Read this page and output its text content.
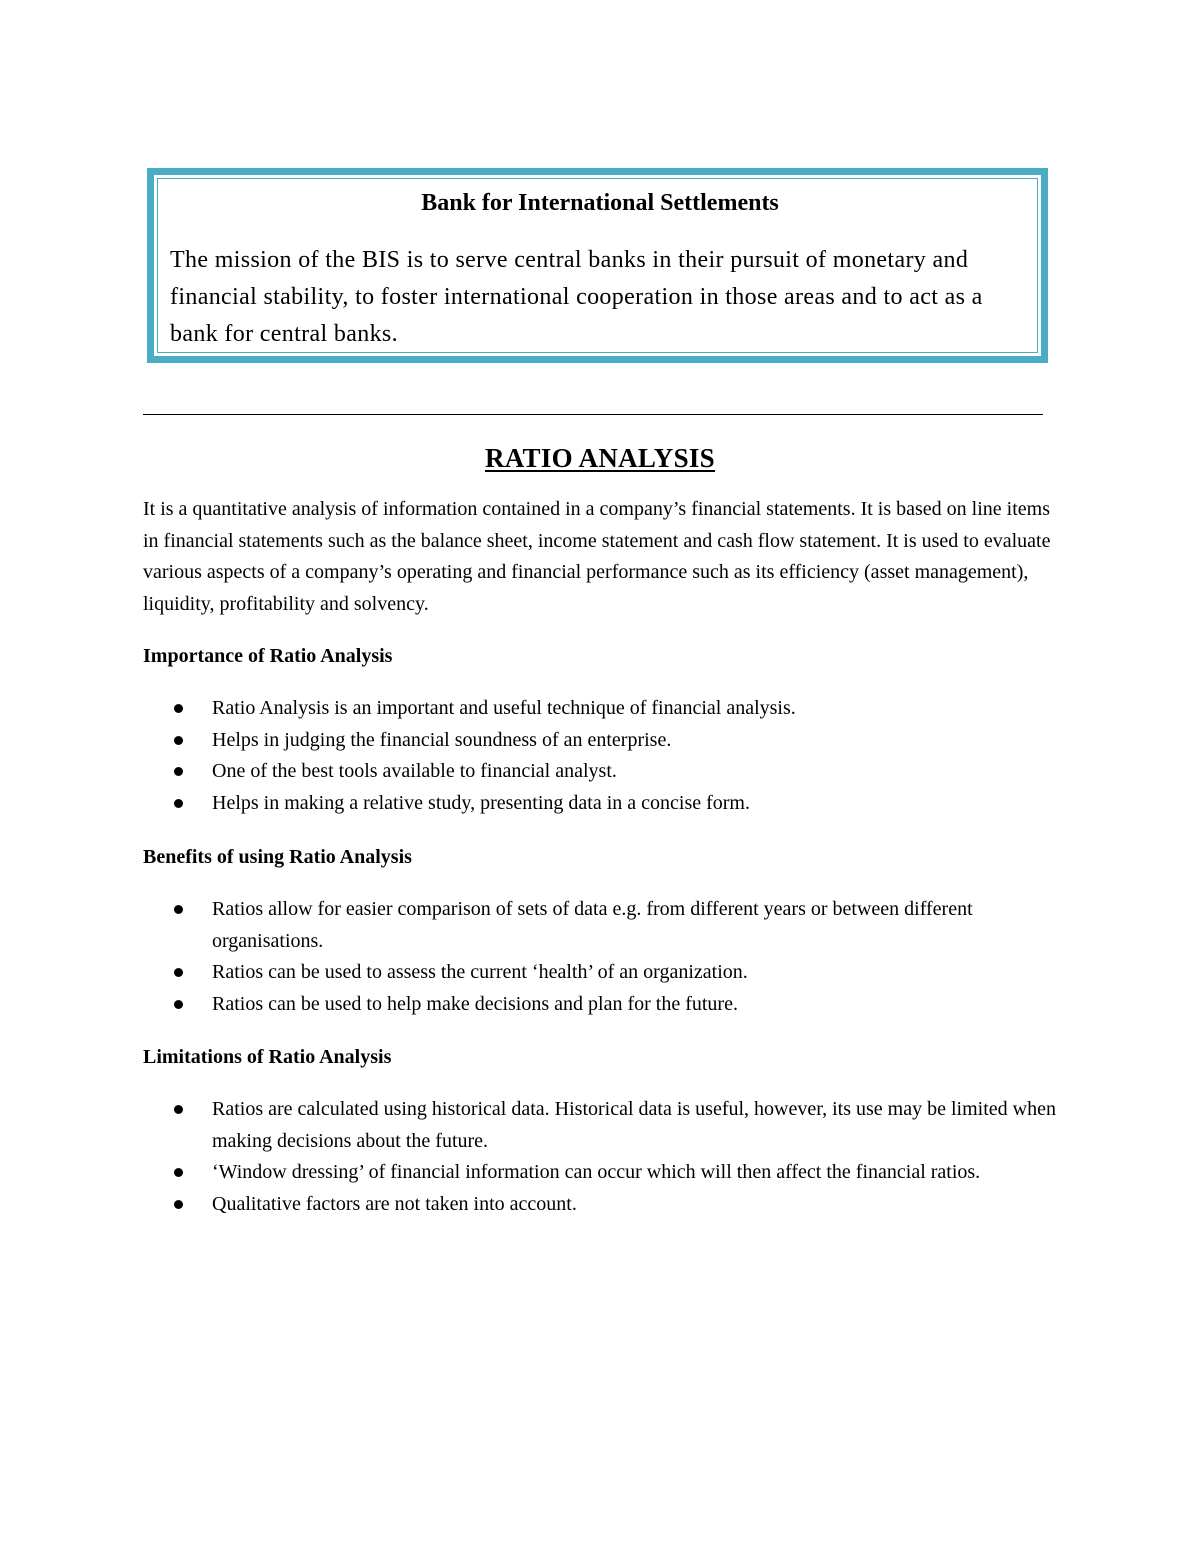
Bank for International Settlements
The mission of the BIS is to serve central banks in their pursuit of monetary and financial stability, to foster international cooperation in those areas and to act as a bank for central banks.
RATIO ANALYSIS
It is a quantitative analysis of information contained in a company’s financial statements. It is based on line items in financial statements such as the balance sheet, income statement and cash flow statement. It is used to evaluate various aspects of a company’s operating and financial performance such as its efficiency (asset management), liquidity, profitability and solvency.
Importance of Ratio Analysis
Ratio Analysis is an important and useful technique of financial analysis.
Helps in judging the financial soundness of an enterprise.
One of the best tools available to financial analyst.
Helps in making a relative study, presenting data in a concise form.
Benefits of using Ratio Analysis
Ratios allow for easier comparison of sets of data e.g. from different years or between different organisations.
Ratios can be used to assess the current ‘health’ of an organization.
Ratios can be used to help make decisions and plan for the future.
Limitations of Ratio Analysis
Ratios are calculated using historical data. Historical data is useful, however, its use may be limited when making decisions about the future.
‘Window dressing’ of financial information can occur which will then affect the financial ratios.
Qualitative factors are not taken into account.
